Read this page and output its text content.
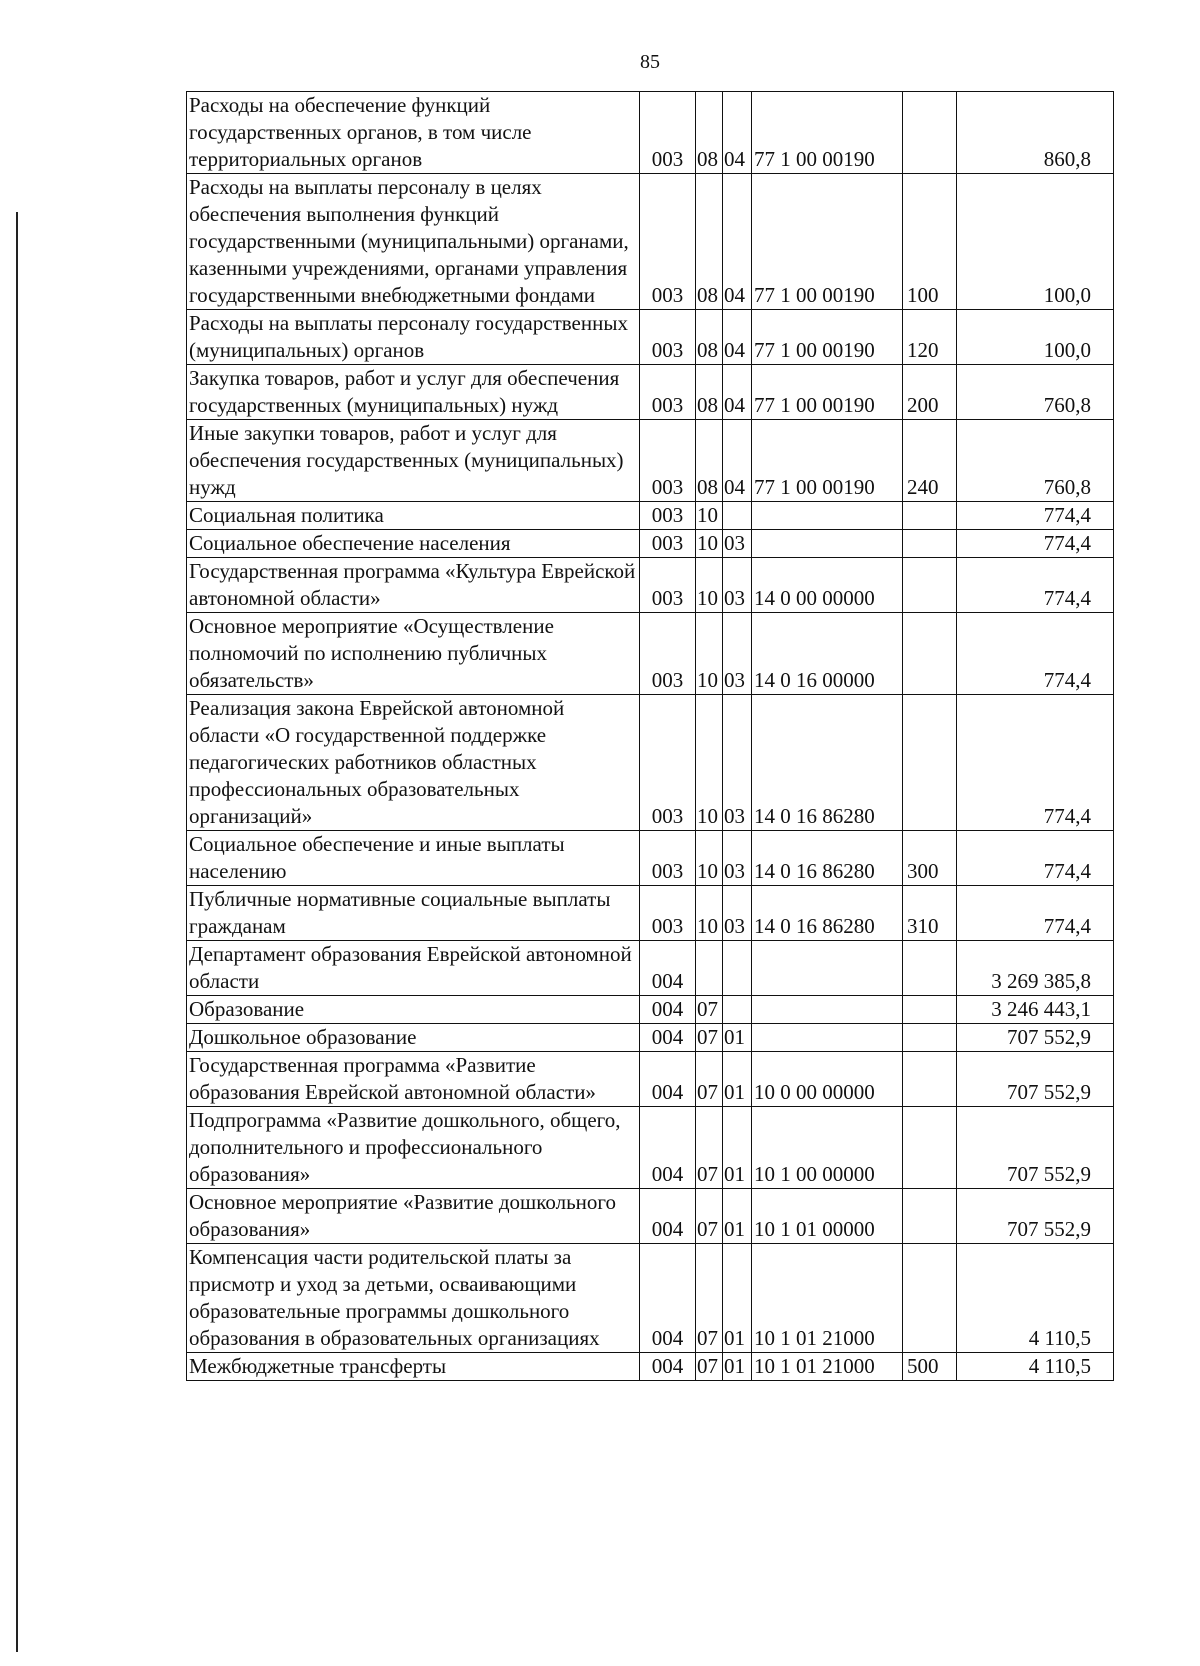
85
Расходы на обеспечение функций государственных органов, в том числе территориальных органов	003	08	04	77 1 00 00190		860,8
Расходы на выплаты персоналу в целях обеспечения выполнения функций государственными (муниципальными) органами, казенными учреждениями, органами управления государственными внебюджетными фондами	003	08	04	77 1 00 00190	100	100,0
Расходы на выплаты персоналу государственных (муниципальных) органов	003	08	04	77 1 00 00190	120	100,0
Закупка товаров, работ и услуг для обеспечения государственных (муниципальных) нужд	003	08	04	77 1 00 00190	200	760,8
Иные закупки товаров, работ и услуг для обеспечения государственных (муниципальных) нужд	003	08	04	77 1 00 00190	240	760,8
Социальная политика	003	10				774,4
Социальное обеспечение населения	003	10	03			774,4
Государственная программа «Культура Еврейской автономной области»	003	10	03	14 0 00 00000		774,4
Основное мероприятие «Осуществление полномочий по исполнению публичных обязательств»	003	10	03	14 0 16 00000		774,4
Реализация закона Еврейской автономной области «О государственной поддержке педагогических работников областных профессиональных образовательных организаций»	003	10	03	14 0 16 86280		774,4
Социальное обеспечение и иные выплаты населению	003	10	03	14 0 16 86280	300	774,4
Публичные нормативные социальные выплаты гражданам	003	10	03	14 0 16 86280	310	774,4
Департамент образования Еврейской автономной области	004					3 269 385,8
Образование	004	07				3 246 443,1
Дошкольное образование	004	07	01			707 552,9
Государственная программа «Развитие образования Еврейской автономной области»	004	07	01	10 0 00 00000		707 552,9
Подпрограмма «Развитие дошкольного, общего, дополнительного и профессионального образования»	004	07	01	10 1 00 00000		707 552,9
Основное мероприятие «Развитие дошкольного образования»	004	07	01	10 1 01 00000		707 552,9
Компенсация части родительской платы за присмотр и уход за детьми, осваивающими образовательные программы дошкольного образования в образовательных организациях	004	07	01	10 1 01 21000		4 110,5
Межбюджетные трансферты	004	07	01	10 1 01 21000	500	4 110,5
